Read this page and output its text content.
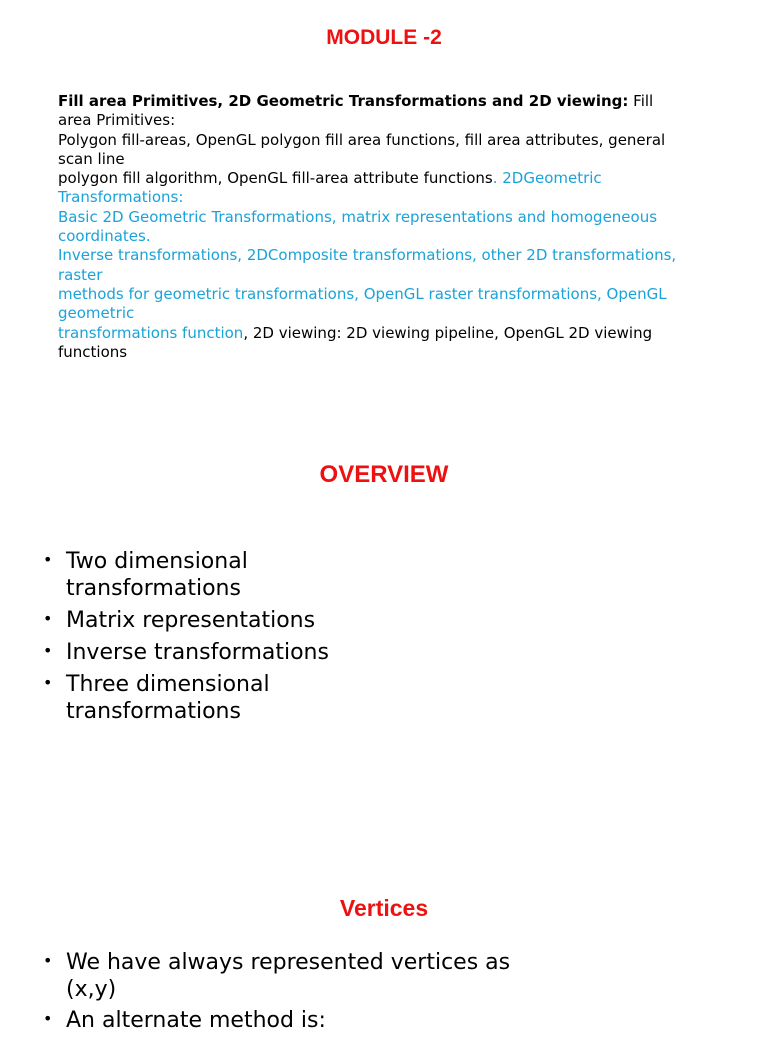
MODULE -2
Fill area Primitives, 2D Geometric Transformations and 2D viewing: Fill
area Primitives:
Polygon fill-areas, OpenGL polygon fill area functions, fill area attributes, general
scan line
polygon fill algorithm, OpenGL fill-area attribute functions. 2DGeometric
Transformations:
Basic 2D Geometric Transformations, matrix representations and homogeneous
coordinates.
Inverse transformations, 2DComposite transformations, other 2D transformations,
raster
methods for geometric transformations, OpenGL raster transformations, OpenGL
geometric
transformations function, 2D viewing: 2D viewing pipeline, OpenGL 2D viewing
functions
OVERVIEW
• Two dimensional
transformations
• Matrix representations
• Inverse transformations
• Three dimensional
transformations
Vertices
• We have always represented vertices as
(x,y)
• An alternate method is:
